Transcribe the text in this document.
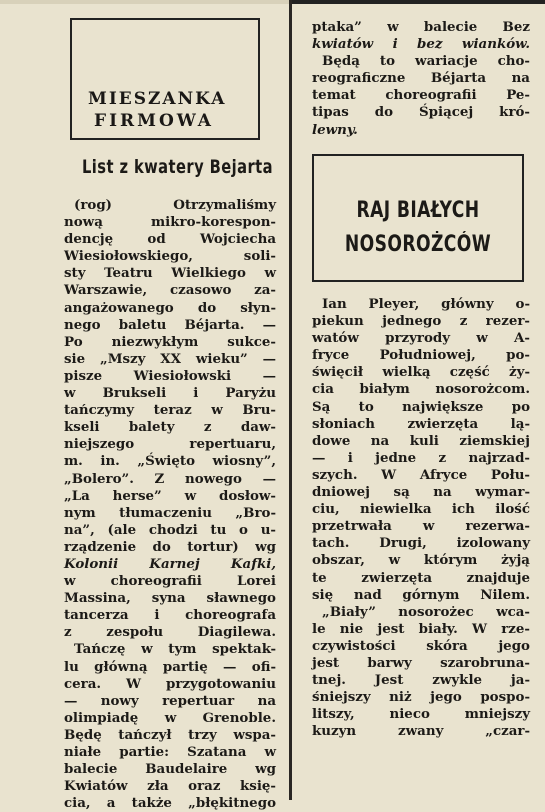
MIESZANKA
FIRMOWA
List z kwatery Bejarta
(rog) Otrzymaliśmy
nową mikro-korespon-
dencję od Wojciecha
Wiesiołowskiego, soli-
sty Teatru Wielkiego w
Warszawie, czasowo za-
angażowanego do słyn-
nego baletu Béjarta. —
Po niezwykłym sukce-
sie „Mszy XX wieku” —
pisze Wiesiołowski —
w Brukseli i Paryżu
tańczymy teraz w Bru-
kseli balety z daw-
niejszego repertuaru,
m. in. „Święto wiosny”,
„Bolero”. Z nowego —
„La herse” w dosłow-
nym tłumaczeniu „Bro-
na”, (ale chodzi tu o u-
rządzenie do tortur) wg
Kolonii Karnej Kafki,
w choreografii Lorei
Massina, syna sławnego
tancerza i choreografa
z zespołu Diagilewa.
Tańczę w tym spektak-
lu główną partię — ofi-
cera. W przygotowaniu
— nowy repertuar na
olimpiadę w Grenoble.
Będę tańczył trzy wspa-
niałe partie: Szatana w
balecie Baudelaire wg
Kwiatów zła oraz księ-
cia, a także „błękitnego
ptaka” w balecie Bez
kwiatów i bez wianków.
Będą to wariacje cho-
reograficzne Béjarta na
temat choreografii Pe-
tipas do Śpiącej kró-
lewny.
RAJ BIAŁYCH
NOSOROŻCÓW
Ian Pleyer, główny o-
piekun jednego z rezer-
watów przyrody w A-
fryce Południowej, po-
święcił wielką część ży-
cia białym nosorożcom.
Są to największe po
słoniach zwierzęta lą-
dowe na kuli ziemskiej
— i jedne z najrzad-
szych. W Afryce Połu-
dniowej są na wymar-
ciu, niewielka ich ilość
przetrwała w rezerwa-
tach. Drugi, izolowany
obszar, w którym żyją
te zwierzęta znajduje
się nad górnym Nilem.
„Biały” nosorożec wca-
le nie jest biały. W rze-
czywistości skóra jego
jest barwy szarobruna-
tnej. Jest zwykle ja-
śniejszy niż jego pospo-
litszy, nieco mniejszy
kuzyn zwany „czar-
